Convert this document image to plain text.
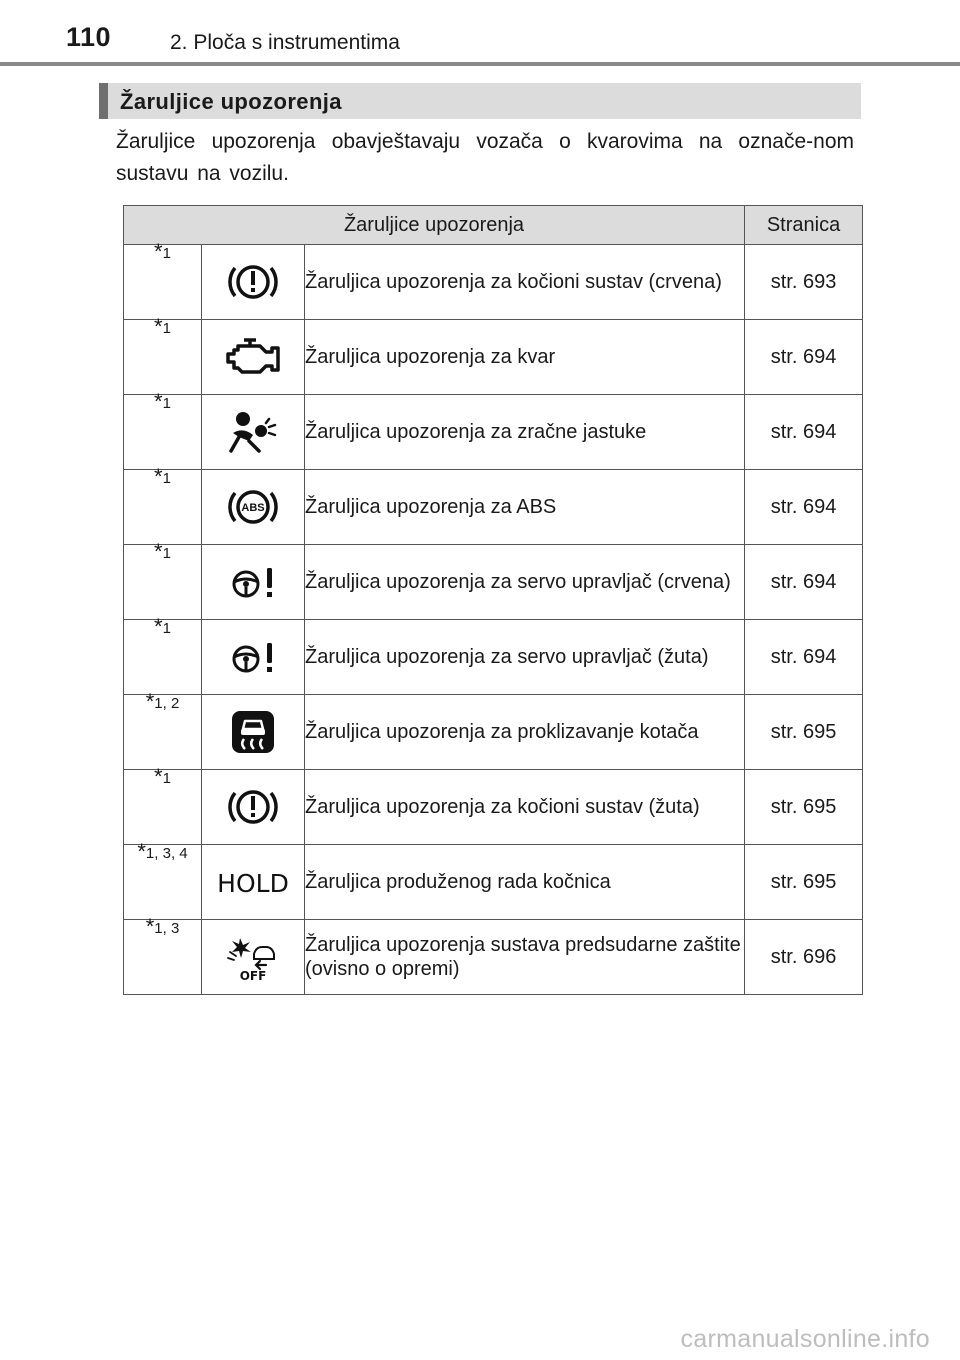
110	2. Ploča s instrumentima
Žaruljice upozorenja
Žaruljice upozorenja obavještavaju vozača o kvarovima na označe-nom sustavu na vozilu.
Žaruljice upozorenja			Stranica
*1		Žaruljica upozorenja za kočioni sustav (crvena)	str. 693
*1		Žaruljica upozorenja za kvar	str. 694
*1		Žaruljica upozorenja za zračne jastuke	str. 694
*1	ABS	Žaruljica upozorenja za ABS	str. 694
*1		Žaruljica upozorenja za servo upravljač (crvena)	str. 694
*1		Žaruljica upozorenja za servo upravljač (žuta)	str. 694
*1, 2		Žaruljica upozorenja za proklizavanje kotača	str. 695
*1		Žaruljica upozorenja za kočioni sustav (žuta)	str. 695
*1, 3, 4	HOLD	Žaruljica produženog rada kočnica	str. 695
*1, 3	OFF	Žaruljica upozorenja sustava predsudarne zaštite (ovisno o opremi)	str. 696
carmanualsonline.info
